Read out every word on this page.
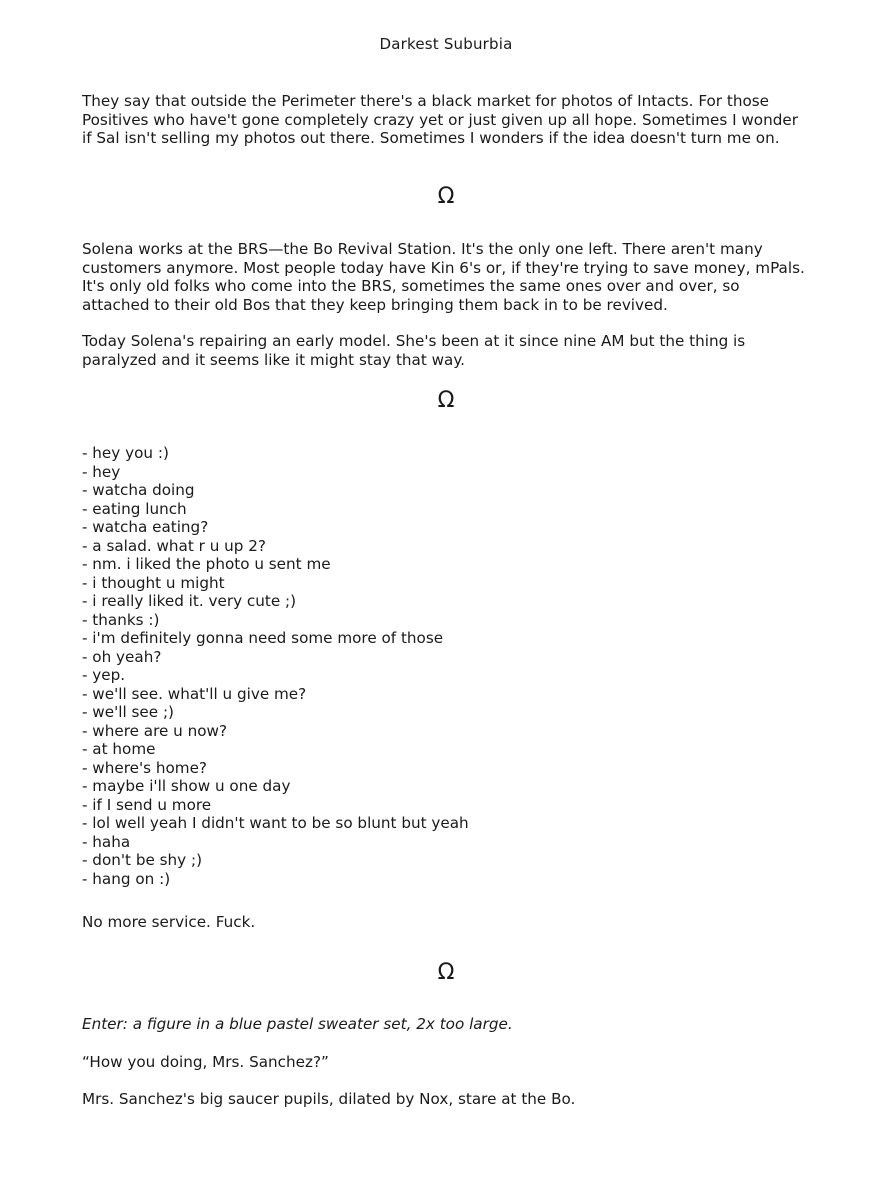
Darkest Suburbia
They say that outside the Perimeter there's a black market for photos of Intacts. For those Positives who have't gone completely crazy yet or just given up all hope. Sometimes I wonder if Sal isn't selling my photos out there. Sometimes I wonders if the idea doesn't turn me on.
Ω
Solena works at the BRS—the Bo Revival Station. It's the only one left. There aren't many customers anymore. Most people today have Kin 6's or, if they're trying to save money, mPals. It's only old folks who come into the BRS, sometimes the same ones over and over, so attached to their old Bos that they keep bringing them back in to be revived.
Today Solena's repairing an early model. She's been at it since nine AM but the thing is paralyzed and it seems like it might stay that way.
Ω
- hey you :)
- hey
- watcha doing
- eating lunch
- watcha eating?
- a salad. what r u up 2?
- nm. i liked the photo u sent me
- i thought u might
- i really liked it. very cute ;)
- thanks :)
- i'm definitely gonna need some more of those
- oh yeah?
- yep.
- we'll see. what'll u give me?
- we'll see ;)
- where are u now?
- at home
- where's home?
- maybe i'll show u one day
- if I send u more
- lol well yeah I didn't want to be so blunt but yeah
- haha
- don't be shy ;)
- hang on :)
No more service. Fuck.
Ω
Enter: a figure in a blue pastel sweater set, 2x too large.
“How you doing, Mrs. Sanchez?”
Mrs. Sanchez's big saucer pupils, dilated by Nox, stare at the Bo.
